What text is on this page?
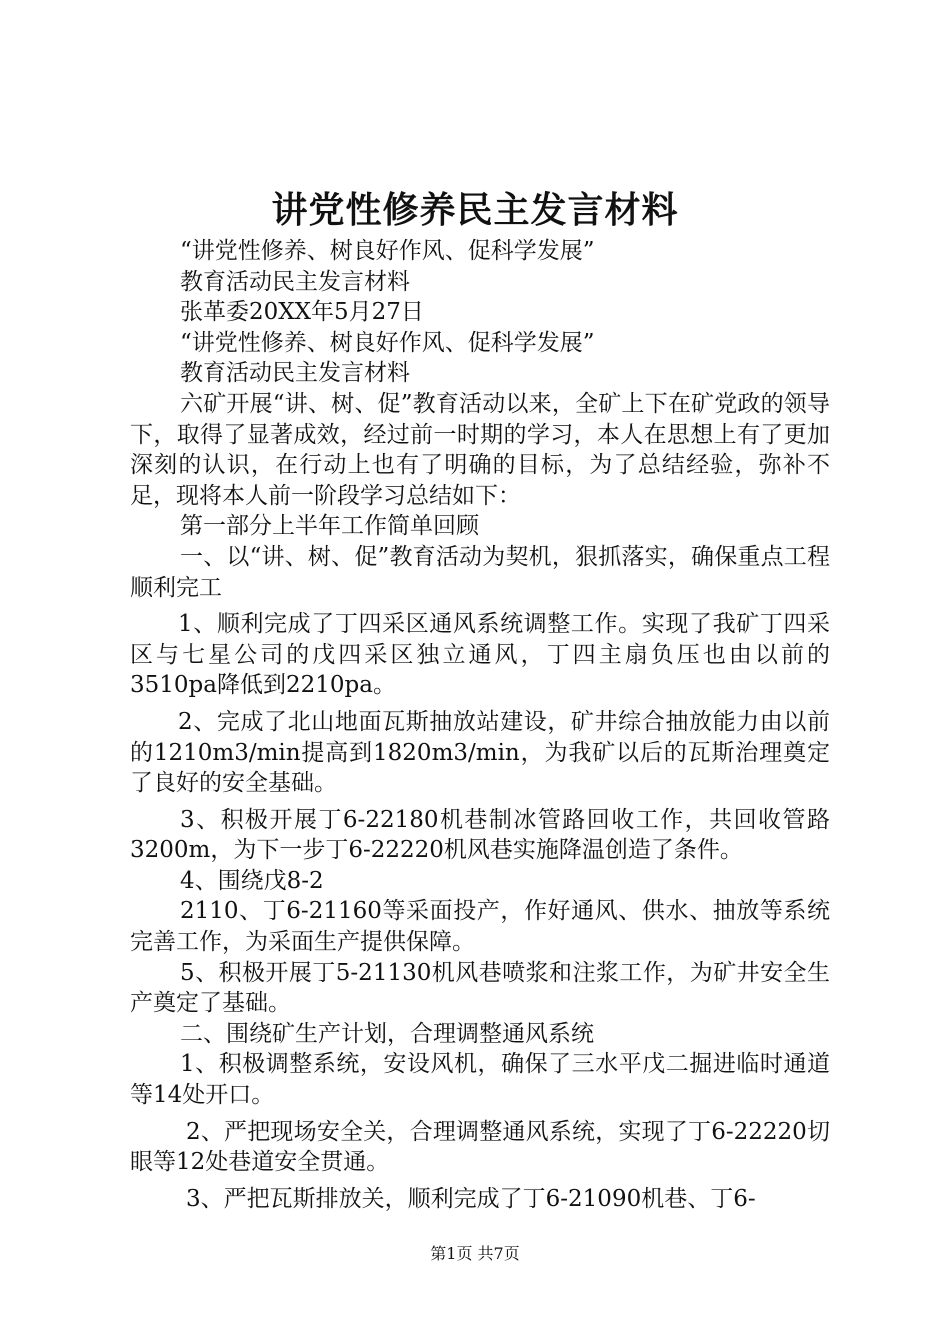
讲党性修养民主发言材料

“讲党性修养、树良好作风、促科学发展”

教育活动民主发言材料

张革委20XX年5月27日

“讲党性修养、树良好作风、促科学发展”

教育活动民主发言材料

六矿开展“讲、树、促”教育活动以来，全矿上下在矿党政的领导下，取得了显著成效，经过前一时期的学习，本人在思想上有了更加深刻的认识，在行动上也有了明确的目标，为了总结经验，弥补不足，现将本人前一阶段学习总结如下：

第一部分上半年工作简单回顾

一、以“讲、树、促”教育活动为契机，狠抓落实，确保重点工程顺利完工

1、顺利完成了丁四采区通风系统调整工作。实现了我矿丁四采区与七星公司的戊四采区独立通风，丁四主扇负压也由以前的3510pa降低到2210pa。

2、完成了北山地面瓦斯抽放站建设，矿井综合抽放能力由以前的1210m3/min提高到1820m3/min，为我矿以后的瓦斯治理奠定了良好的安全基础。

3、积极开展丁6-22180机巷制冰管路回收工作，共回收管路3200m，为下一步丁6-22220机风巷实施降温创造了条件。

4、围绕戊8-2

2110、丁6-21160等采面投产，作好通风、供水、抽放等系统完善工作，为采面生产提供保障。

5、积极开展丁5-21130机风巷喷浆和注浆工作，为矿井安全生产奠定了基础。

二、围绕矿生产计划，合理调整通风系统

1、积极调整系统，安设风机，确保了三水平戊二掘进临时通道等14处开口。

2、严把现场安全关，合理调整通风系统，实现了丁6-22220切眼等12处巷道安全贯通。

3、严把瓦斯排放关，顺利完成了丁6-21090机巷、丁6-

第1页 共7页
